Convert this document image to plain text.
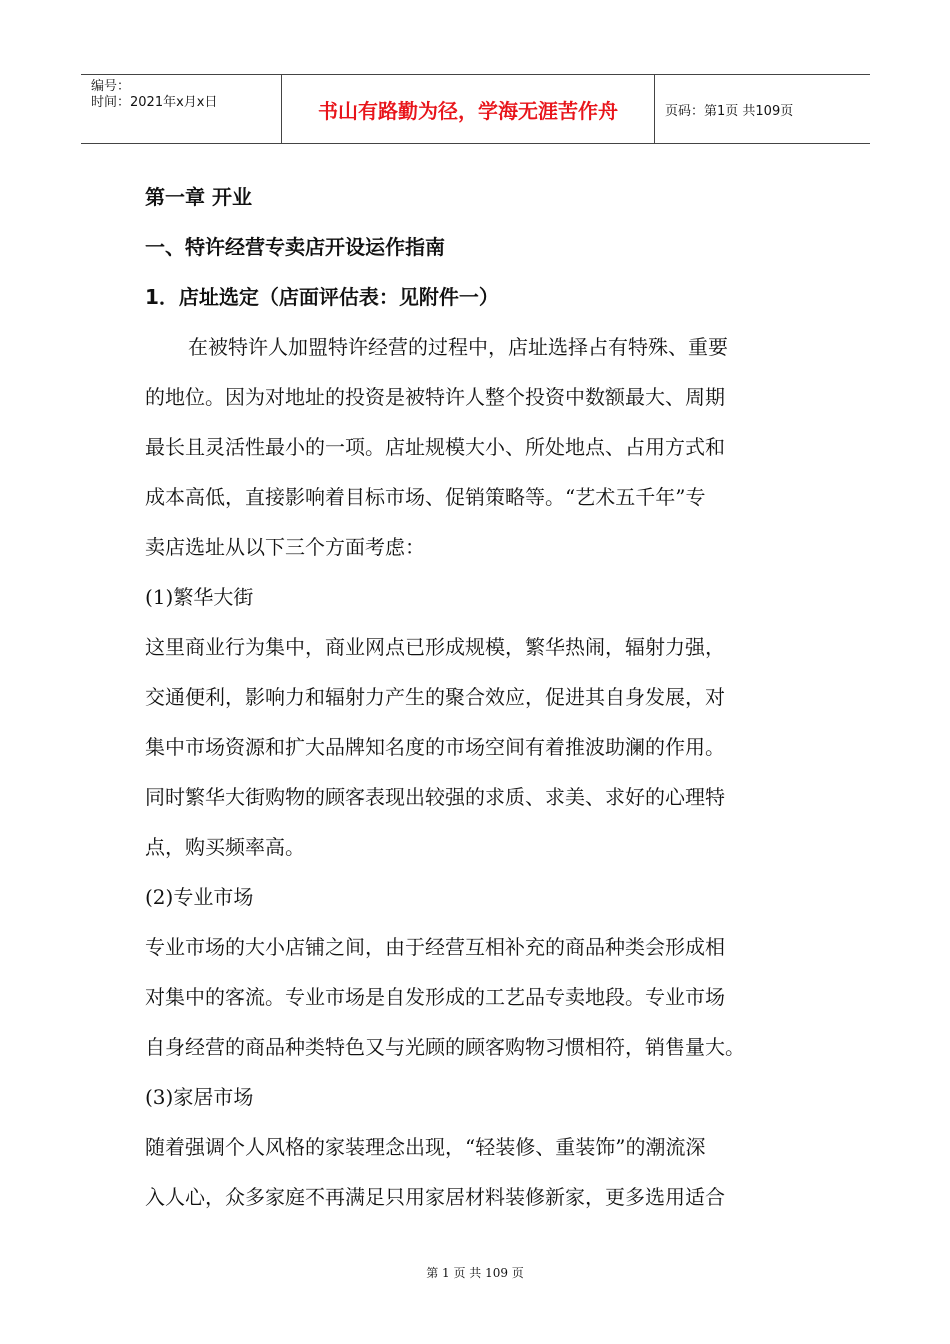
编号：
时间：2021年x月x日	书山有路勤为径，学海无涯苦作舟	页码：第1页 共109页
第一章 开业
一、特许经营专卖店开设运作指南
1．店址选定（店面评估表：见附件一）
在被特许人加盟特许经营的过程中，店址选择占有特殊、重要
的地位。因为对地址的投资是被特许人整个投资中数额最大、周期
最长且灵活性最小的一项。店址规模大小、所处地点、占用方式和
成本高低，直接影响着目标市场、促销策略等。“艺术五千年”专
卖店选址从以下三个方面考虑：
(1)繁华大街
这里商业行为集中，商业网点已形成规模，繁华热闹，辐射力强，
交通便利，影响力和辐射力产生的聚合效应，促进其自身发展，对
集中市场资源和扩大品牌知名度的市场空间有着推波助澜的作用。
同时繁华大街购物的顾客表现出较强的求质、求美、求好的心理特
点，购买频率高。
(2)专业市场
专业市场的大小店铺之间，由于经营互相补充的商品种类会形成相
对集中的客流。专业市场是自发形成的工艺品专卖地段。专业市场
自身经营的商品种类特色又与光顾的顾客购物习惯相符，销售量大。
(3)家居市场
随着强调个人风格的家装理念出现，“轻装修、重装饰”的潮流深
入人心，众多家庭不再满足只用家居材料装修新家，更多选用适合
第 1 页 共 109 页
